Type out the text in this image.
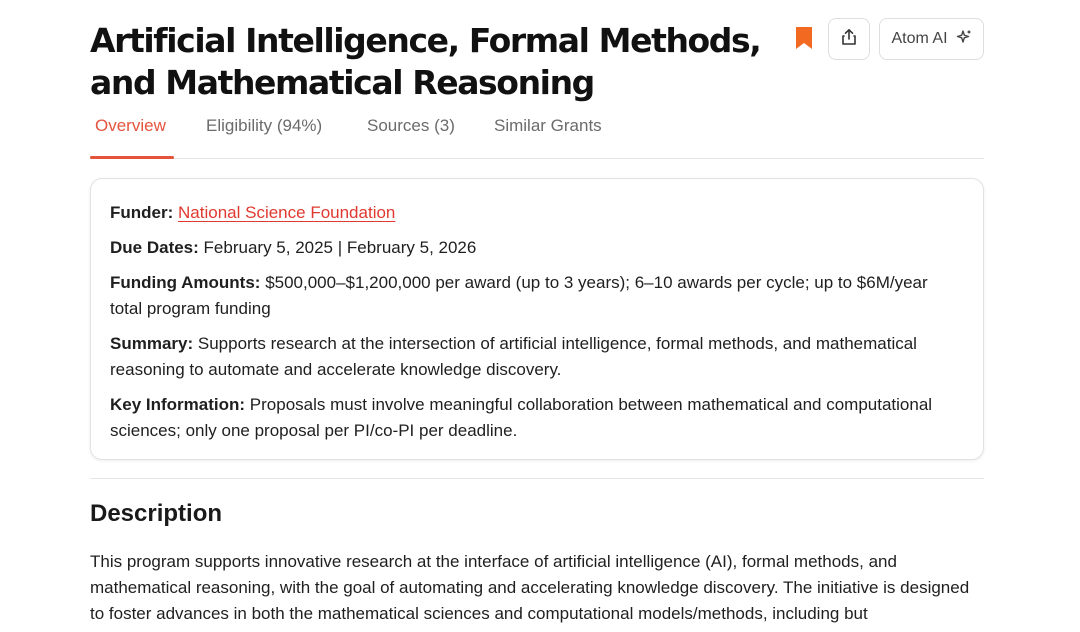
Artificial Intelligence, Formal Methods, and Mathematical Reasoning
Atom AI
Overview Eligibility (94%)	Sources (3) Similar Grants

Funder: National Science Foundation

Due Dates: February 5, 2025 | February 5, 2026

Funding Amounts: $500,000–$1,200,000 per award (up to 3 years); 6–10 awards per cycle; up to $6M/year total program funding

Summary: Supports research at the intersection of artificial intelligence, formal methods, and mathematical reasoning to automate and accelerate knowledge discovery.

Key Information: Proposals must involve meaningful collaboration between mathematical and computational sciences; only one proposal per PI/co-PI per deadline.

Description

This program supports innovative research at the interface of artificial intelligence (AI), formal methods, and mathematical reasoning, with the goal of automating and accelerating knowledge discovery. The initiative is designed to foster advances in both the mathematical sciences and computational models/methods, including but
